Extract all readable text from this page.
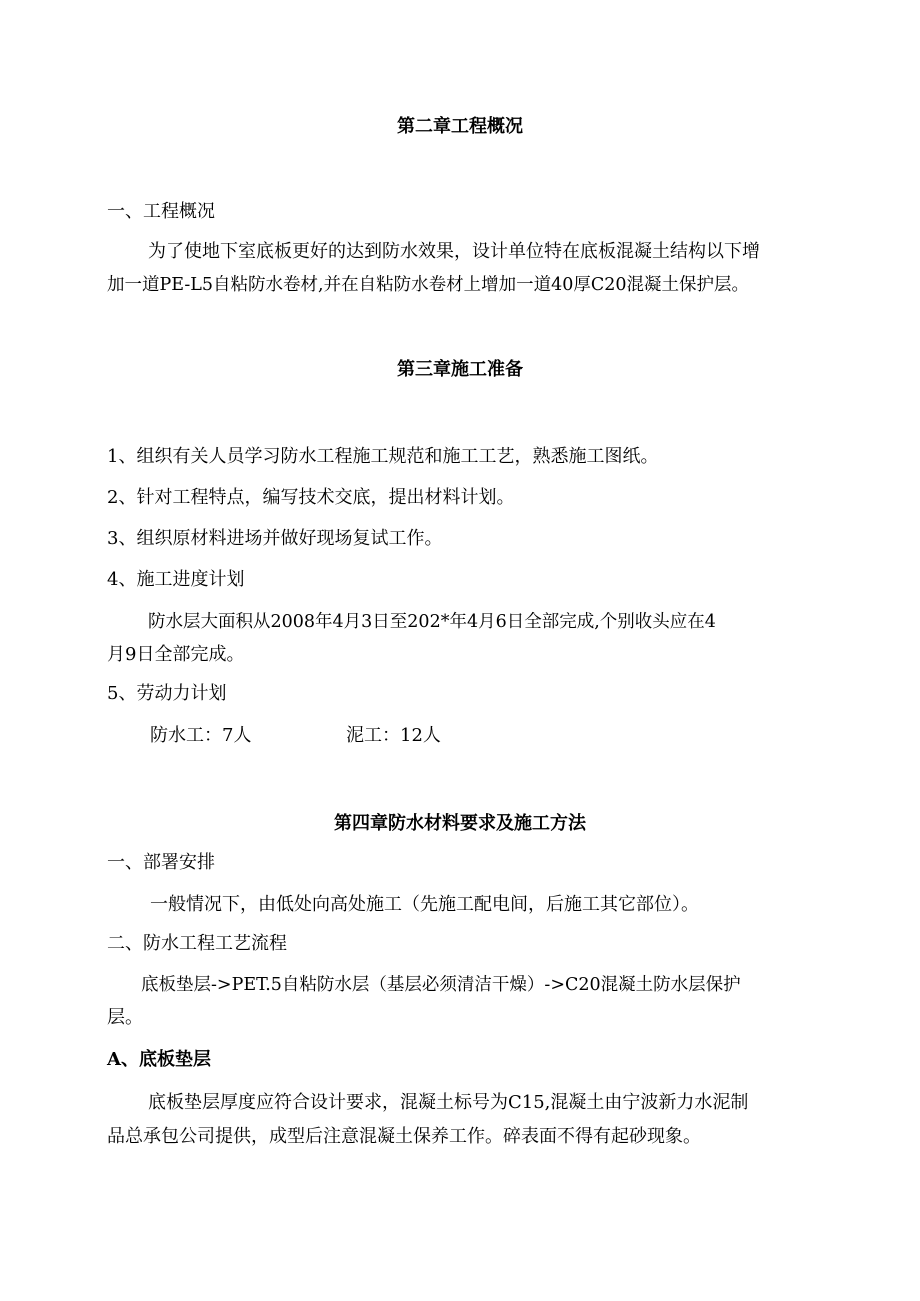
第二章工程概况
一、工程概况
为了使地下室底板更好的达到防水效果，设计单位特在底板混凝土结构以下增
加一道PE-L5自粘防水卷材,并在自粘防水卷材上增加一道40厚C20混凝土保护层。
第三章施工准备
1、组织有关人员学习防水工程施工规范和施工工艺，熟悉施工图纸。
2、针对工程特点，编写技术交底，提出材料计划。
3、组织原材料进场并做好现场复试工作。
4、施工进度计划
防水层大面积从2008年4月3日至202*年4月6日全部完成,个别收头应在4
月9日全部完成。
5、劳动力计划
防水工：7人	泥工：12人
第四章防水材料要求及施工方法
一、部署安排
一般情况下，由低处向高处施工（先施工配电间，后施工其它部位）。
二、防水工程工艺流程
底板垫层->PET.5自粘防水层（基层必须清洁干燥）->C20混凝土防水层保护
层。
A、底板垫层
底板垫层厚度应符合设计要求，混凝土标号为C15,混凝土由宁波新力水泥制
品总承包公司提供，成型后注意混凝土保养工作。碎表面不得有起砂现象。
